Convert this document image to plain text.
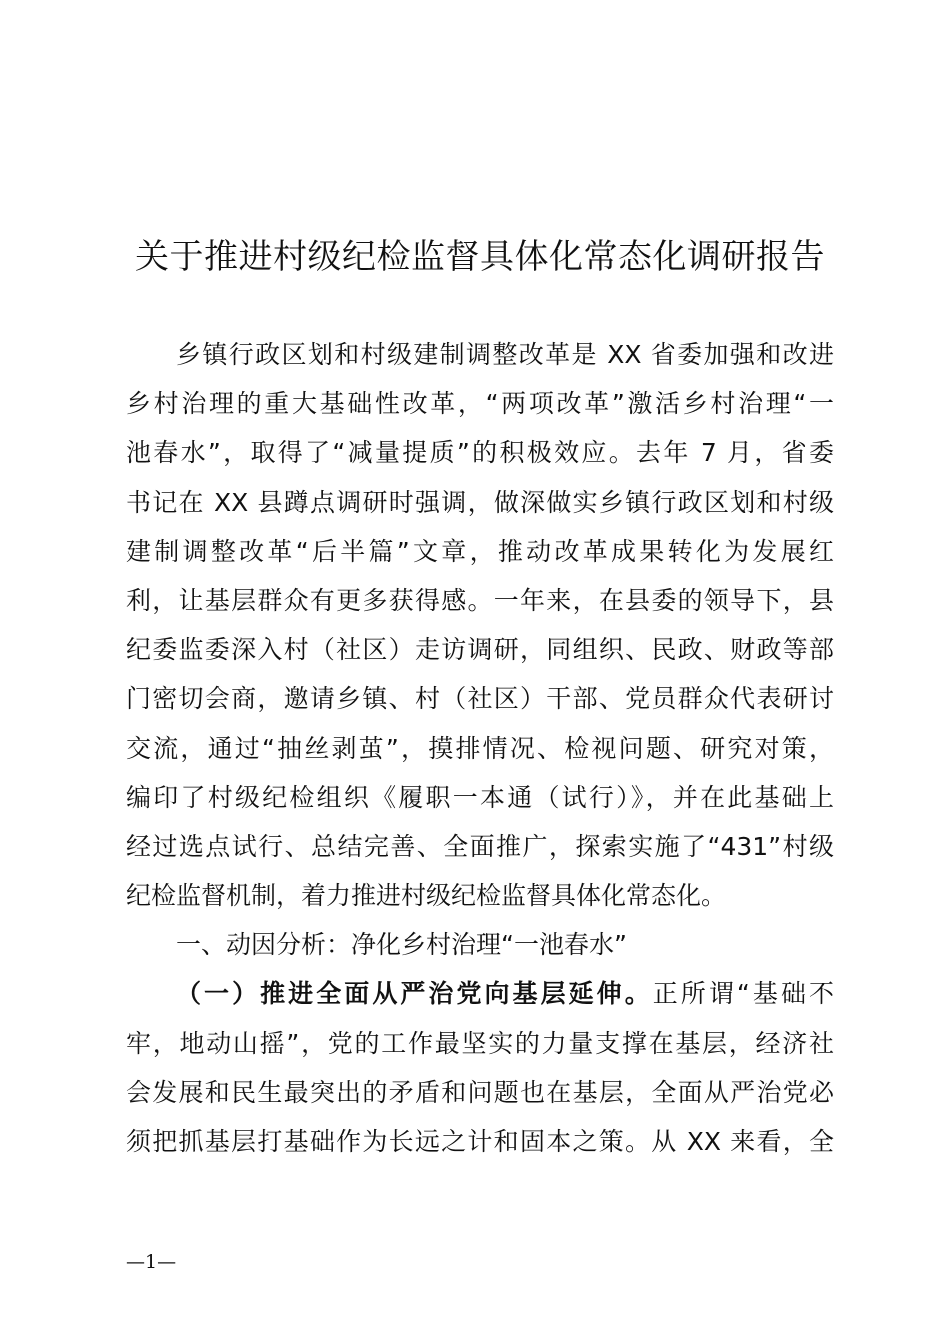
关于推进村级纪检监督具体化常态化调研报告
乡镇行政区划和村级建制调整改革是 XX 省委加强和改进
乡村治理的重大基础性改革，“两项改革”激活乡村治理“一
池春水”，取得了“减量提质”的积极效应。去年 7 月，省委
书记在 XX 县蹲点调研时强调，做深做实乡镇行政区划和村级
建制调整改革“后半篇”文章，推动改革成果转化为发展红
利，让基层群众有更多获得感。一年来，在县委的领导下，县
纪委监委深入村（社区）走访调研，同组织、民政、财政等部
门密切会商，邀请乡镇、村（社区）干部、党员群众代表研讨
交流，通过“抽丝剥茧”，摸排情况、检视问题、研究对策，
编印了村级纪检组织《履职一本通（试行）》，并在此基础上
经过选点试行、总结完善、全面推广，探索实施了“431”村级
纪检监督机制，着力推进村级纪检监督具体化常态化。
一、动因分析：净化乡村治理“一池春水”
（一）推进全面从严治党向基层延伸。正所谓“基础不
牢，地动山摇”，党的工作最坚实的力量支撑在基层，经济社
会发展和民生最突出的矛盾和问题也在基层，全面从严治党必
须把抓基层打基础作为长远之计和固本之策。从 XX 来看，全
—1—
